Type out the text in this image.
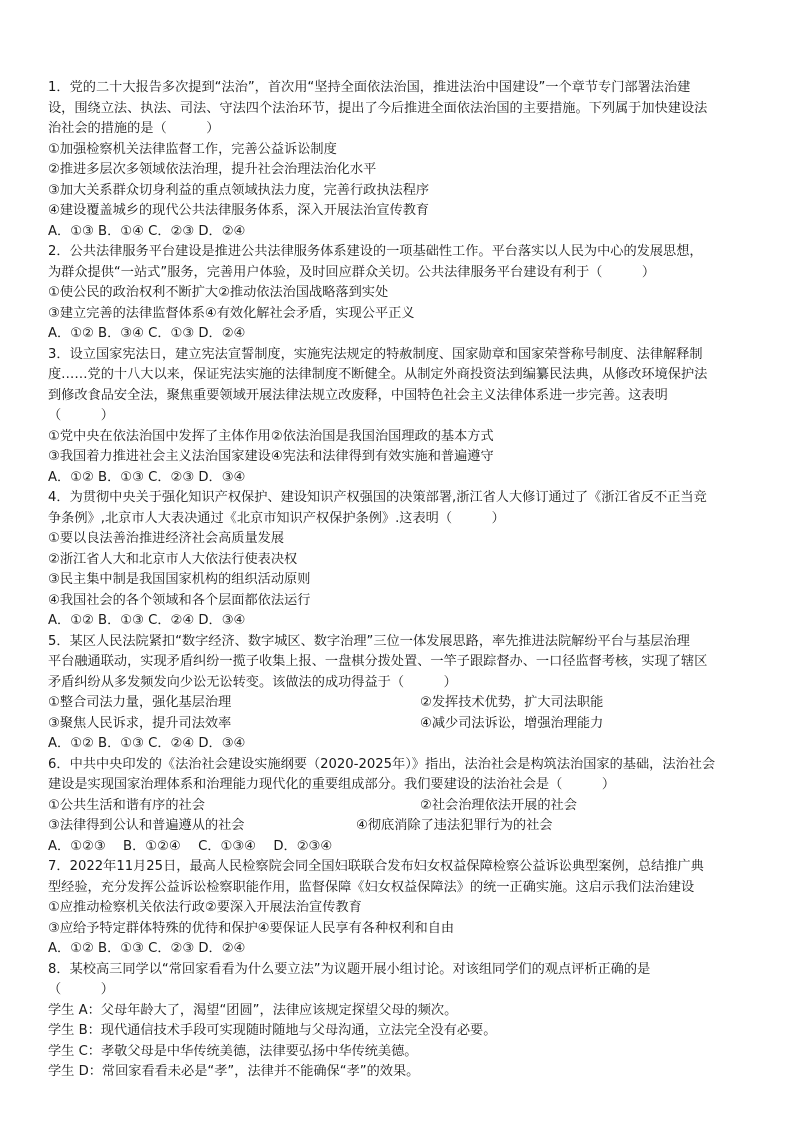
1．党的二十大报告多次提到“法治”，首次用“坚持全面依法治国，推进法治中国建设”一个章节专门部署法治建
设，围绕立法、执法、司法、守法四个法治环节，提出了今后推进全面依法治国的主要措施。下列属于加快建设法
治社会的措施的是（　　　）
①加强检察机关法律监督工作，完善公益诉讼制度
②推进多层次多领域依法治理，提升社会治理法治化水平
③加大关系群众切身利益的重点领域执法力度，完善行政执法程序
④建设覆盖城乡的现代公共法律服务体系，深入开展法治宣传教育
A．①③ B．①④ C．②③ D．②④
2．公共法律服务平台建设是推进公共法律服务体系建设的一项基础性工作。平台落实以人民为中心的发展思想，
为群众提供“一站式”服务，完善用户体验，及时回应群众关切。公共法律服务平台建设有利于（　　　）
①使公民的政治权利不断扩大②推动依法治国战略落到实处
③建立完善的法律监督体系④有效化解社会矛盾，实现公平正义
A．①② B．③④ C．①③ D．②④
3．设立国家宪法日，建立宪法宣誓制度，实施宪法规定的特赦制度、国家勋章和国家荣誉称号制度、法律解释制
度……党的十八大以来，保证宪法实施的法律制度不断健全。从制定外商投资法到编纂民法典，从修改环境保护法
到修改食品安全法，聚焦重要领域开展法律法规立改废释，中国特色社会主义法律体系进一步完善。这表明
（　　　）
①党中央在依法治国中发挥了主体作用②依法治国是我国治国理政的基本方式
③我国着力推进社会主义法治国家建设④宪法和法律得到有效实施和普遍遵守
A．①② B．①③ C．②③ D．③④
4．为贯彻中央关于强化知识产权保护、建设知识产权强国的决策部署,浙江省人大修订通过了《浙江省反不正当竞
争条例》,北京市人大表决通过《北京市知识产权保护条例》.这表明（　　　）
①要以良法善治推进经济社会高质量发展
②浙江省人大和北京市人大依法行使表决权
③民主集中制是我国国家机构的组织活动原则
④我国社会的各个领域和各个层面都依法运行
A．①② B．①③ C．②④ D．③④
5．某区人民法院紧扣“数字经济、数字城区、数字治理”三位一体发展思路，率先推进法院解纷平台与基层治理
平台融通联动，实现矛盾纠纷一揽子收集上报、一盘棋分拨处置、一竿子跟踪督办、一口径监督考核，实现了辖区
矛盾纠纷从多发频发向少讼无讼转变。该做法的成功得益于（　　　）
①整合司法力量，强化基层治理	②发挥技术优势，扩大司法职能
③聚焦人民诉求，提升司法效率	④减少司法诉讼，增强治理能力
A．①② B．①③ C．②④ D．③④
6．中共中央印发的《法治社会建设实施纲要（2020-2025年）》指出，法治社会是构筑法治国家的基础，法治社会
建设是实现国家治理体系和治理能力现代化的重要组成部分。我们要建设的法治社会是（　　　）
①公共生活和谐有序的社会	②社会治理依法开展的社会
③法律得到公认和普遍遵从的社会	④彻底消除了违法犯罪行为的社会
A．①②③　 B．①②④　 C．①③④　 D．②③④
7．2022年11月25日，最高人民检察院会同全国妇联联合发布妇女权益保障检察公益诉讼典型案例，总结推广典
型经验，充分发挥公益诉讼检察职能作用，监督保障《妇女权益保障法》的统一正确实施。这启示我们法治建设
①应推动检察机关依法行政②要深入开展法治宣传教育
③应给予特定群体特殊的优待和保护④要保证人民享有各种权利和自由
A．①② B．①③ C．②③ D．②④
8．某校高三同学以“常回家看看为什么要立法”为议题开展小组讨论。对该组同学们的观点评析正确的是
（　　　）
学生 A：父母年龄大了，渴望“团圆”，法律应该规定探望父母的频次。
学生 B：现代通信技术手段可实现随时随地与父母沟通，立法完全没有必要。
学生 C：孝敬父母是中华传统美德，法律要弘扬中华传统美德。
学生 D：常回家看看未必是“孝”，法律并不能确保“孝”的效果。
